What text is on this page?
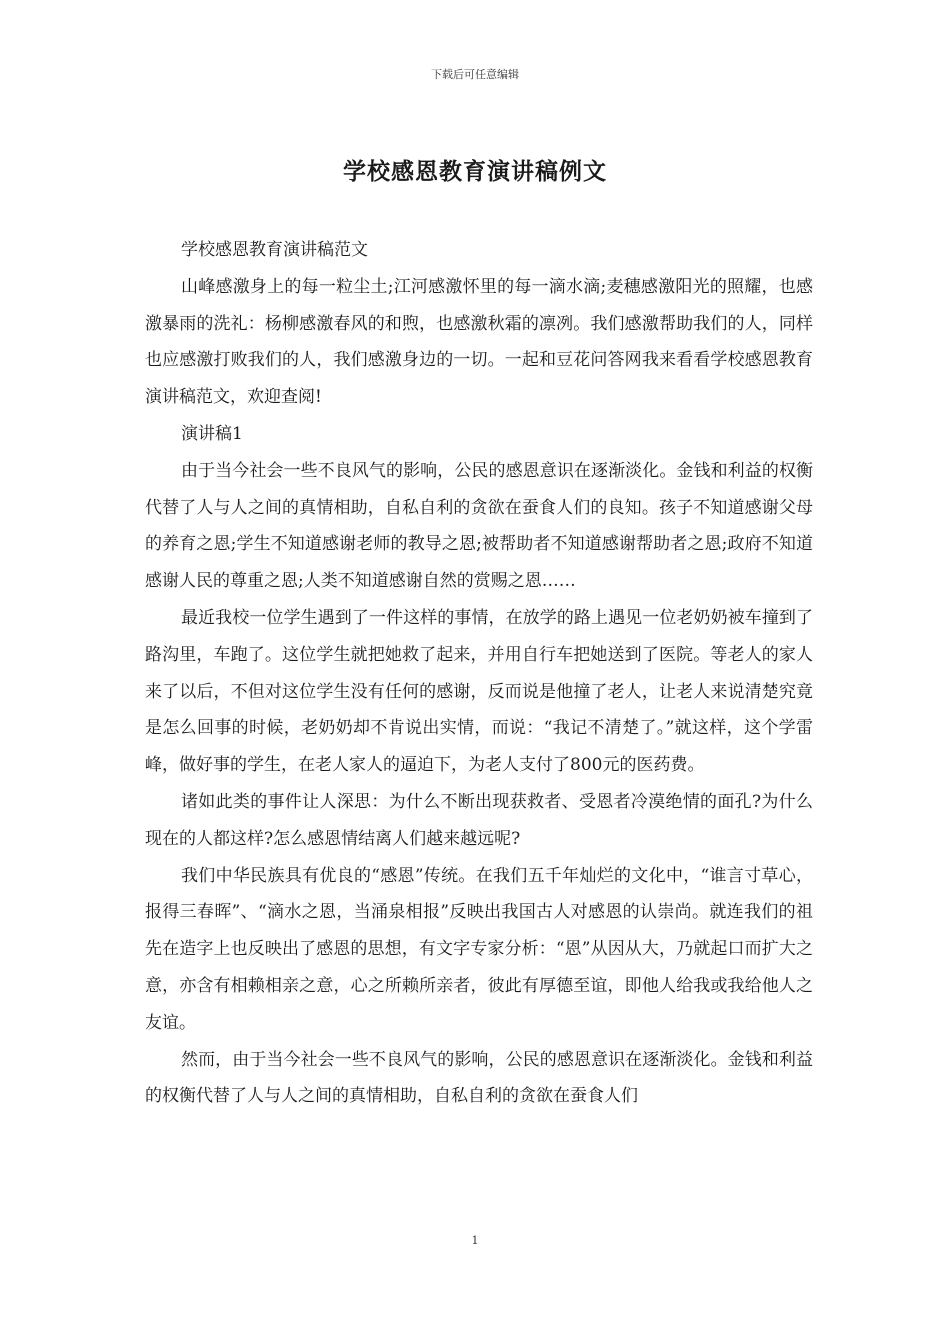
下载后可任意编辑
学校感恩教育演讲稿例文

学校感恩教育演讲稿范文

山峰感激身上的每一粒尘土;江河感激怀里的每一滴水滴;麦穗感激阳光的照耀，也感激暴雨的洗礼：杨柳感激春风的和煦，也感激秋霜的凛冽。我们感激帮助我们的人，同样也应感激打败我们的人，我们感激身边的一切。一起和豆花问答网我来看看学校感恩教育演讲稿范文，欢迎查阅!

演讲稿1

由于当今社会一些不良风气的影响，公民的感恩意识在逐渐淡化。金钱和利益的权衡代替了人与人之间的真情相助，自私自利的贪欲在蚕食人们的良知。孩子不知道感谢父母的养育之恩;学生不知道感谢老师的教导之恩;被帮助者不知道感谢帮助者之恩;政府不知道感谢人民的尊重之恩;人类不知道感谢自然的赏赐之恩……

最近我校一位学生遇到了一件这样的事情，在放学的路上遇见一位老奶奶被车撞到了路沟里，车跑了。这位学生就把她救了起来，并用自行车把她送到了医院。等老人的家人来了以后，不但对这位学生没有任何的感谢，反而说是他撞了老人，让老人来说清楚究竟是怎么回事的时候，老奶奶却不肯说出实情，而说：“我记不清楚了。”就这样，这个学雷峰，做好事的学生，在老人家人的逼迫下，为老人支付了800元的医药费。

诸如此类的事件让人深思：为什么不断出现获救者、受恩者冷漠绝情的面孔?为什么现在的人都这样?怎么感恩情结离人们越来越远呢?

我们中华民族具有优良的“感恩”传统。在我们五千年灿烂的文化中，“谁言寸草心，报得三春晖”、“滴水之恩，当涌泉相报”反映出我国古人对感恩的认崇尚。就连我们的祖先在造字上也反映出了感恩的思想，有文字专家分析：“恩”从因从大，乃就起口而扩大之意，亦含有相赖相亲之意，心之所赖所亲者，彼此有厚德至谊，即他人给我或我给他人之友谊。

然而，由于当今社会一些不良风气的影响，公民的感恩意识在逐渐淡化。金钱和利益的权衡代替了人与人之间的真情相助，自私自利的贪欲在蚕食人们

1
